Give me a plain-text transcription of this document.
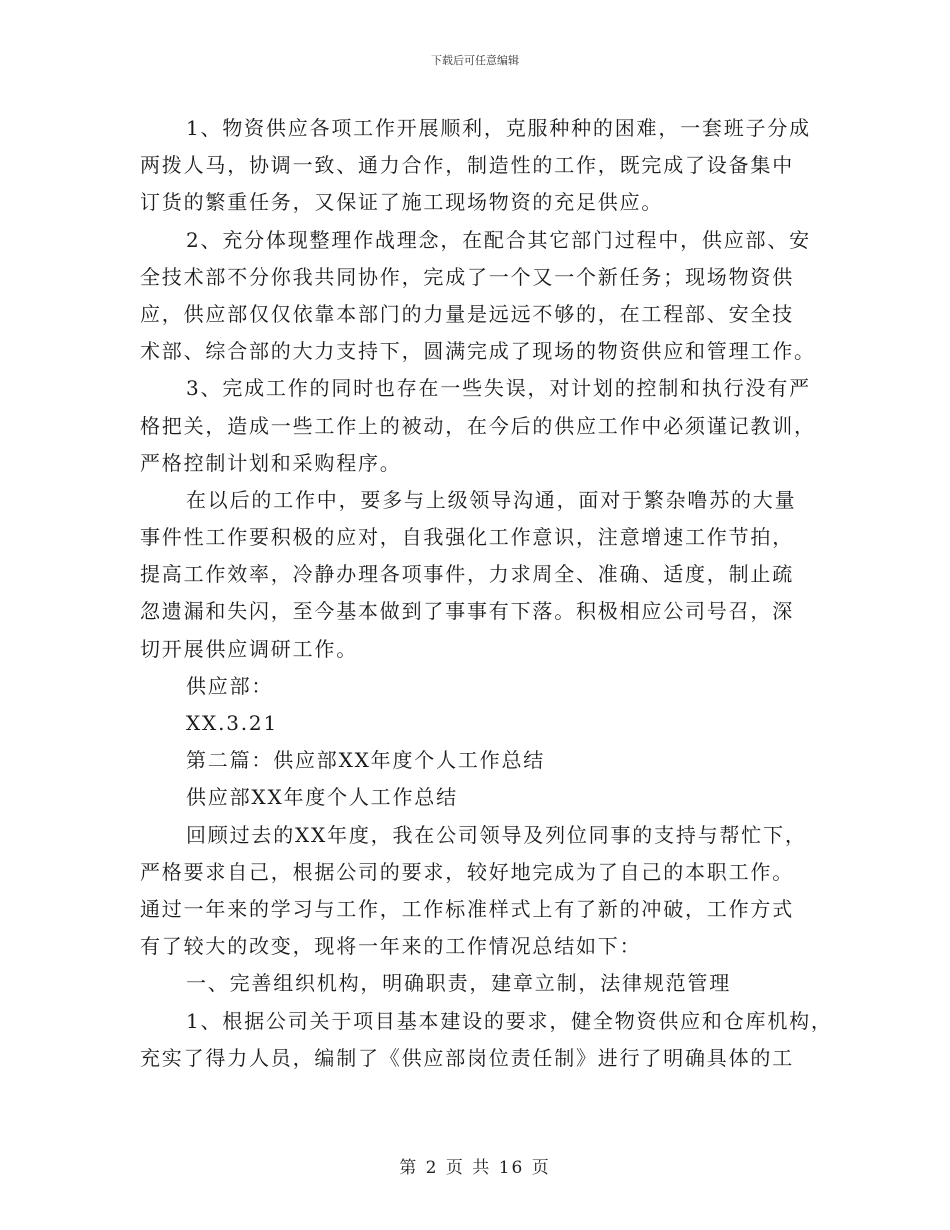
下载后可任意编辑
1、物资供应各项工作开展顺利，克服种种的困难，一套班子分成
两拨人马，协调一致、通力合作，制造性的工作，既完成了设备集中
订货的繁重任务，又保证了施工现场物资的充足供应。
2、充分体现整理作战理念，在配合其它部门过程中，供应部、安
全技术部不分你我共同协作，完成了一个又一个新任务；现场物资供
应，供应部仅仅依靠本部门的力量是远远不够的，在工程部、安全技
术部、综合部的大力支持下，圆满完成了现场的物资供应和管理工作。
3、完成工作的同时也存在一些失误，对计划的控制和执行没有严
格把关，造成一些工作上的被动，在今后的供应工作中必须谨记教训，
严格控制计划和采购程序。
在以后的工作中，要多与上级领导沟通，面对于繁杂噜苏的大量
事件性工作要积极的应对，自我强化工作意识，注意增速工作节拍，
提高工作效率，冷静办理各项事件，力求周全、准确、适度，制止疏
忽遗漏和失闪，至今基本做到了事事有下落。积极相应公司号召，深
切开展供应调研工作。
供应部：
XX.3.21
第二篇：供应部XX年度个人工作总结
供应部XX年度个人工作总结
回顾过去的XX年度，我在公司领导及列位同事的支持与帮忙下，
严格要求自己，根据公司的要求，较好地完成为了自己的本职工作。
通过一年来的学习与工作，工作标准样式上有了新的冲破，工作方式
有了较大的改变，现将一年来的工作情况总结如下：
一、完善组织机构，明确职责，建章立制，法律规范管理
1、根据公司关于项目基本建设的要求，健全物资供应和仓库机构，
充实了得力人员，编制了《供应部岗位责任制》进行了明确具体的工
第 2 页 共 16 页
